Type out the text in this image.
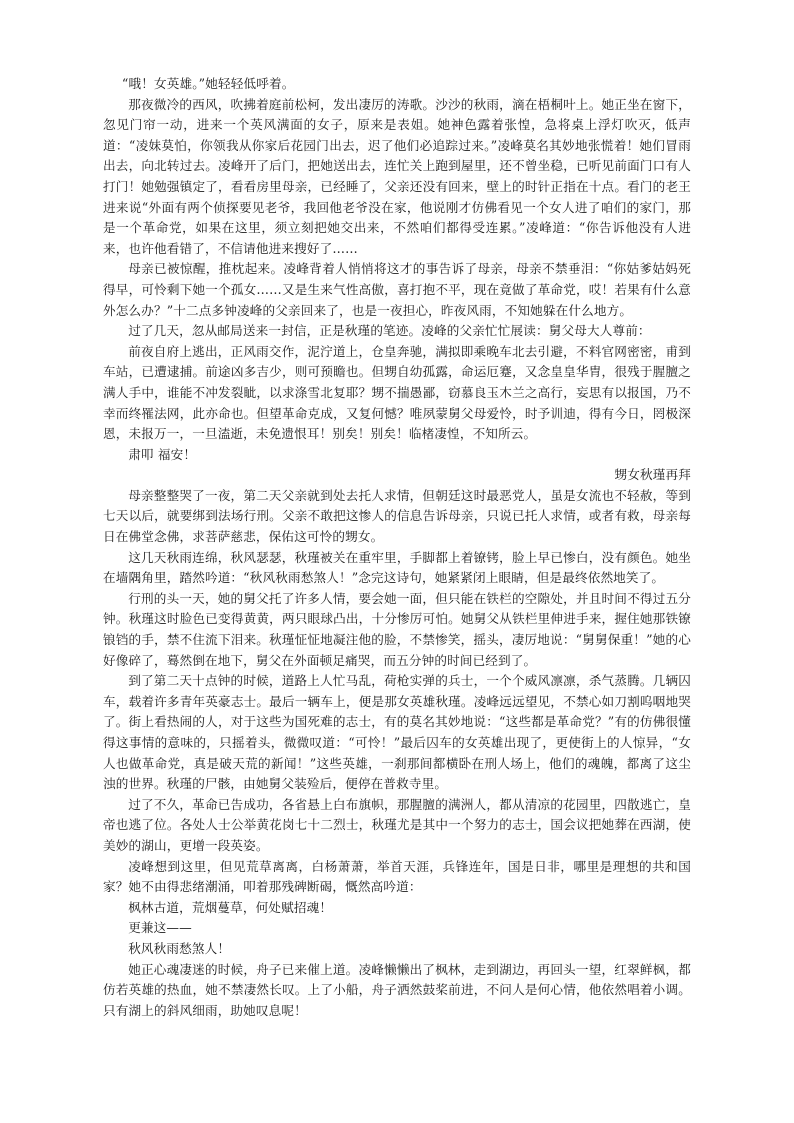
“哦！女英雄。”她轻轻低呼着。

那夜微冷的西风，吹拂着庭前松柯，发出凄厉的涛歌。沙沙的秋雨，滴在梧桐叶上。她正坐在窗下，忽见门帘一动，进来一个英风满面的女子，原来是表姐。她神色露着张惶，急将桌上浮灯吹灭，低声道：“凌妹莫怕，你领我从你家后花园门出去，迟了他们必追踪过来。”凌峰莫名其妙地张慌着！她们冒雨出去，向北转过去。凌峰开了后门，把她送出去，连忙关上跑到屋里，还不曾坐稳，已听见前面门口有人打门！她勉强镇定了，看看房里母亲，已经睡了，父亲还没有回来，壁上的时针正指在十点。看门的老王进来说“外面有两个侦探要见老爷，我回他老爷没在家，他说刚才仿佛看见一个女人进了咱们的家门，那是一个革命党，如果在这里，须立刻把她交出来，不然咱们都得受连累。”凌峰道：“你告诉他没有人进来，也许他看错了，不信请他进来搜好了……

母亲已被惊醒，推枕起来。凌峰背着人悄悄将这才的事告诉了母亲，母亲不禁垂泪：“你姑爹姑妈死得早，可怜剩下她一个孤女……又是生来气性高傲，喜打抱不平，现在竟做了革命党，哎！若果有什么意外怎么办？”十二点多钟凌峰的父亲回来了，也是一夜担心，昨夜风雨，不知她躲在什么地方。

过了几天，忽从邮局送来一封信，正是秋瑾的笔迹。凌峰的父亲忙忙展读：舅父母大人尊前：

前夜自府上逃出，正风雨交作，泥泞道上，仓皇奔驰，满拟即乘晚车北去引避，不料官网密密，甫到车站，已遭逮捕。前途凶多吉少，则可预瞻也。但甥自幼孤露，命运厄蹇，又念皇皇华胄，很残于腥膻之满人手中，谁能不冲发裂眦，以求涤雪北复耶？甥不揣愚鄙，窃慕良玉木兰之高行，妄思有以报国，乃不幸而终罹法网，此亦命也。但望革命克成，又复何憾？唯夙蒙舅父母爱怜，时予训迪，得有今日，罔极深恩，未报万一，一旦溘逝，未免遗恨耳！别矣！别矣！临楮凄惶，不知所云。

肃叩 福安！

甥女秋瑾再拜

母亲整整哭了一夜，第二天父亲就到处去托人求情，但朝廷这时最恶党人，虽是女流也不轻赦，等到七天以后，就要绑到法场行刑。父亲不敢把这惨人的信息告诉母亲，只说已托人求情，或者有救，母亲每日在佛堂念佛，求菩萨慈悲，保佑这可怜的甥女。

这几天秋雨连绵，秋风瑟瑟，秋瑾被关在重牢里，手脚都上着镣铐，脸上早已惨白，没有颜色。她坐在墙隅角里，踏然吟道：“秋风秋雨愁煞人！”念完这诗句，她紧紧闭上眼睛，但是最终依然地笑了。

行刑的头一天，她的舅父托了许多人情，要会她一面，但只能在铁栏的空隙处，并且时间不得过五分钟。秋瑾这时脸色已变得黄黄，两只眼球凸出，十分惨厉可怕。她舅父从铁栏里伸进手来，握住她那铁镣锒铛的手，禁不住流下泪来。秋瑾怔怔地凝注他的脸，不禁惨笑，摇头，凄厉地说：“舅舅保重！”她的心好像碎了，蓦然倒在地下，舅父在外面顿足痛哭，而五分钟的时间已经到了。

到了第二天十点钟的时候，道路上人忙马乱，荷枪实弹的兵士，一个个威风凛凛，杀气蒸腾。几辆囚车，载着许多青年英豪志士。最后一辆车上，便是那女英雄秋瑾。凌峰远远望见，不禁心如刀割呜咽地哭了。街上看热闹的人，对于这些为国死难的志士，有的莫名其妙地说：“这些都是革命党？”有的仿佛很懂得这事情的意味的，只摇着头，微微叹道：“可怜！”最后囚车的女英雄出现了，更使街上的人惊异，“女人也做革命党，真是破天荒的新闻！”这些英雄，一刹那间都横卧在刑人场上，他们的魂魄，都离了这尘浊的世界。秋瑾的尸骸，由她舅父装殓后，便停在普救寺里。

过了不久，革命已告成功，各省悬上白布旗帜，那腥膻的满洲人，都从清凉的花园里，四散逃亡，皇帝也逃了位。各处人士公举黄花岗七十二烈士，秋瑾尤是其中一个努力的志士，国会议把她葬在西湖，使美妙的湖山，更增一段英姿。

凌峰想到这里，但见荒草离离，白杨萧萧，举首天涯，兵锋连年，国是日非，哪里是理想的共和国家？她不由得悲绪潮涌，叩着那残碑断碣，慨然高吟道：

枫林古道，荒烟蔓草，何处赋招魂！

更兼这——

秋风秋雨愁煞人！

她正心魂凄迷的时候，舟子已来催上道。凌峰懒懒出了枫林，走到湖边，再回头一望，红翠鲜枫，都仿若英雄的热血，她不禁凄然长叹。上了小船，舟子洒然鼓桨前进，不问人是何心情，他依然唱着小调。只有湖上的斜风细雨，助她叹息呢！
